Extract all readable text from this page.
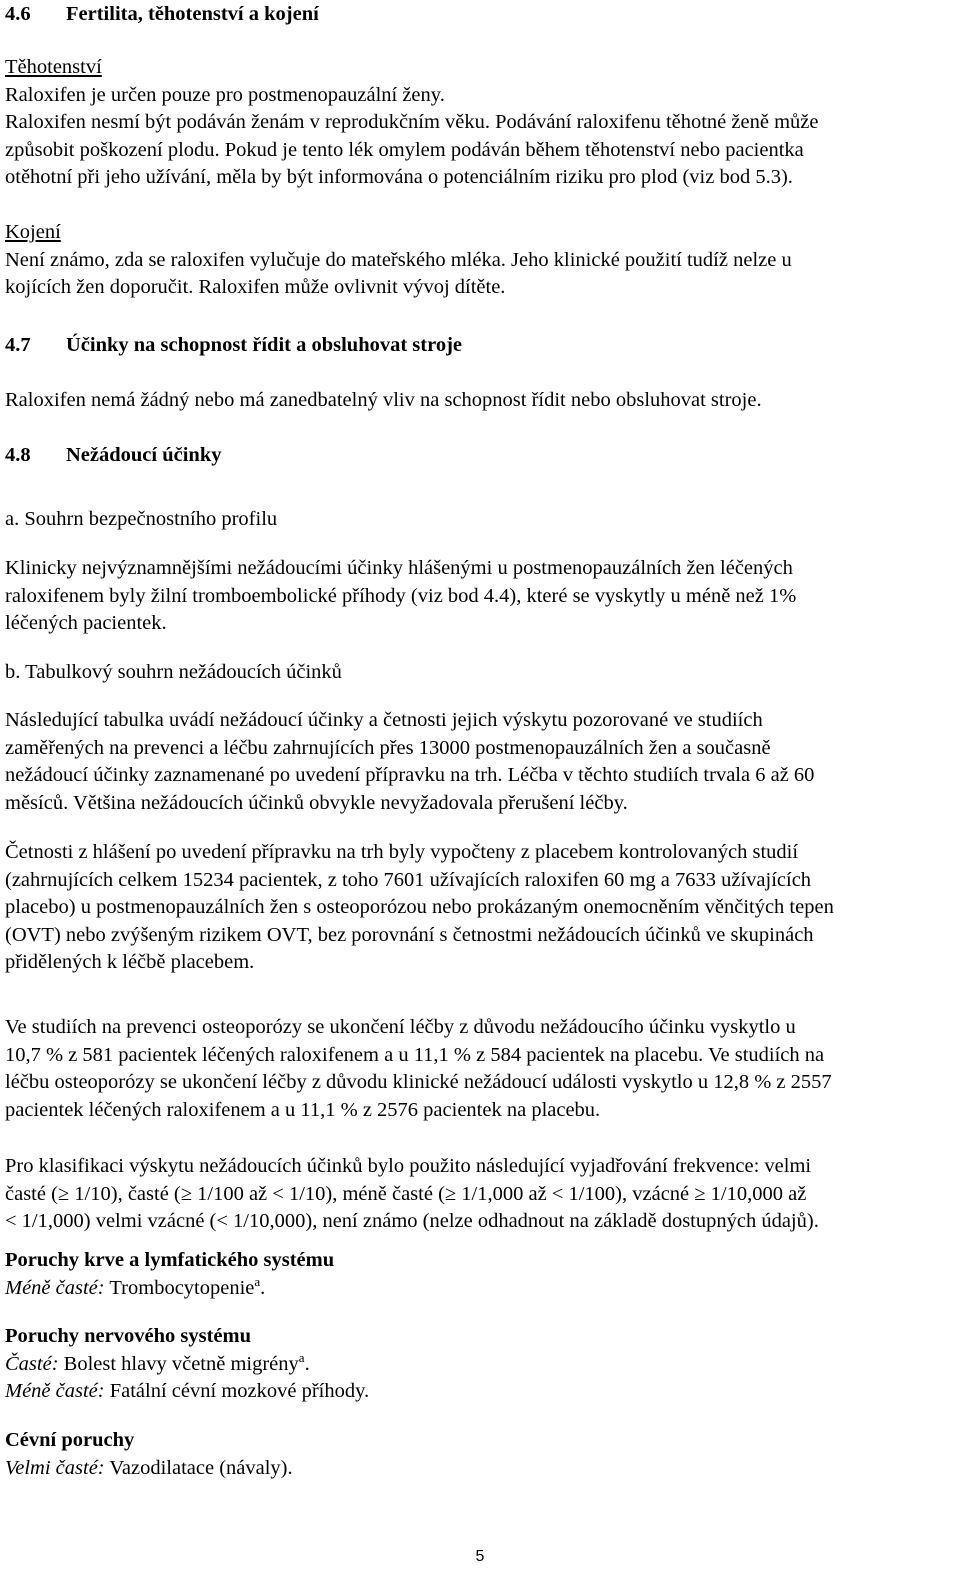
4.6 Fertilita, těhotenství a kojení
Těhotenství
Raloxifen je určen pouze pro postmenopauzální ženy.
Raloxifen nesmí být podáván ženám v reprodukčním věku. Podávání raloxifenu těhotné ženě může
způsobit poškození plodu. Pokud je tento lék omylem podáván během těhotenství nebo pacientka
otěhotní při jeho užívání, měla by být informována o potenciálním riziku pro plod (viz bod 5.3).
Kojení
Není známo, zda se raloxifen vylučuje do mateřského mléka. Jeho klinické použití tudíž nelze u
kojících žen doporučit. Raloxifen může ovlivnit vývoj dítěte.
4.7 Účinky na schopnost řídit a obsluhovat stroje
Raloxifen nemá žádný nebo má zanedbatelný vliv na schopnost řídit nebo obsluhovat stroje.
4.8 Nežádoucí účinky
a. Souhrn bezpečnostního profilu
Klinicky nejvýznamnějšími nežádoucími účinky hlášenými u postmenopauzálních žen léčených
raloxifenem byly žilní tromboembolické příhody (viz bod 4.4), které se vyskytly u méně než 1%
léčených pacientek.
b. Tabulkový souhrn nežádoucích účinků
Následující tabulka uvádí nežádoucí účinky a četnosti jejich výskytu pozorované ve studiích
zaměřených na prevenci a léčbu zahrnujících přes 13000 postmenopauzálních žen a současně
nežádoucí účinky zaznamenané po uvedení přípravku na trh. Léčba v těchto studiích trvala 6 až 60
měsíců. Většina nežádoucích účinků obvykle nevyžadovala přerušení léčby.
Četnosti z hlášení po uvedení přípravku na trh byly vypočteny z placebem kontrolovaných studií
(zahrnujících celkem 15234 pacientek, z toho 7601 užívajících raloxifen 60 mg a 7633 užívajících
placebo) u postmenopauzálních žen s osteoporózou nebo prokázaným onemocněním věnčitých tepen
(OVT) nebo zvýšeným rizikem OVT, bez porovnání s četnostmi nežádoucích účinků ve skupinách
přidělených k léčbě placebem.
Ve studiích na prevenci osteoporózy se ukončení léčby z důvodu nežádoucího účinku vyskytlo u
10,7 % z 581 pacientek léčených raloxifenem a u 11,1 % z 584 pacientek na placebu. Ve studiích na
léčbu osteoporózy se ukončení léčby z důvodu klinické nežádoucí události vyskytlo u 12,8 % z 2557
pacientek léčených raloxifenem a u 11,1 % z 2576 pacientek na placebu.
Pro klasifikaci výskytu nežádoucích účinků bylo použito následující vyjadřování frekvence: velmi
časté (≥ 1/10), časté (≥ 1/100 až < 1/10), méně časté (≥ 1/1,000 až < 1/100), vzácné ≥ 1/10,000 až
< 1/1,000) velmi vzácné (< 1/10,000), není známo (nelze odhadnout na základě dostupných údajů).
Poruchy krve a lymfatického systému
Méně časté: Trombocytopenie$^a$.
Poruchy nervového systému
Časté: Bolest hlavy včetně migrény$^a$.
Méně časté: Fatální cévní mozkové příhody.
Cévní poruchy
Velmi časté: Vazodilatace (návaly).
5
